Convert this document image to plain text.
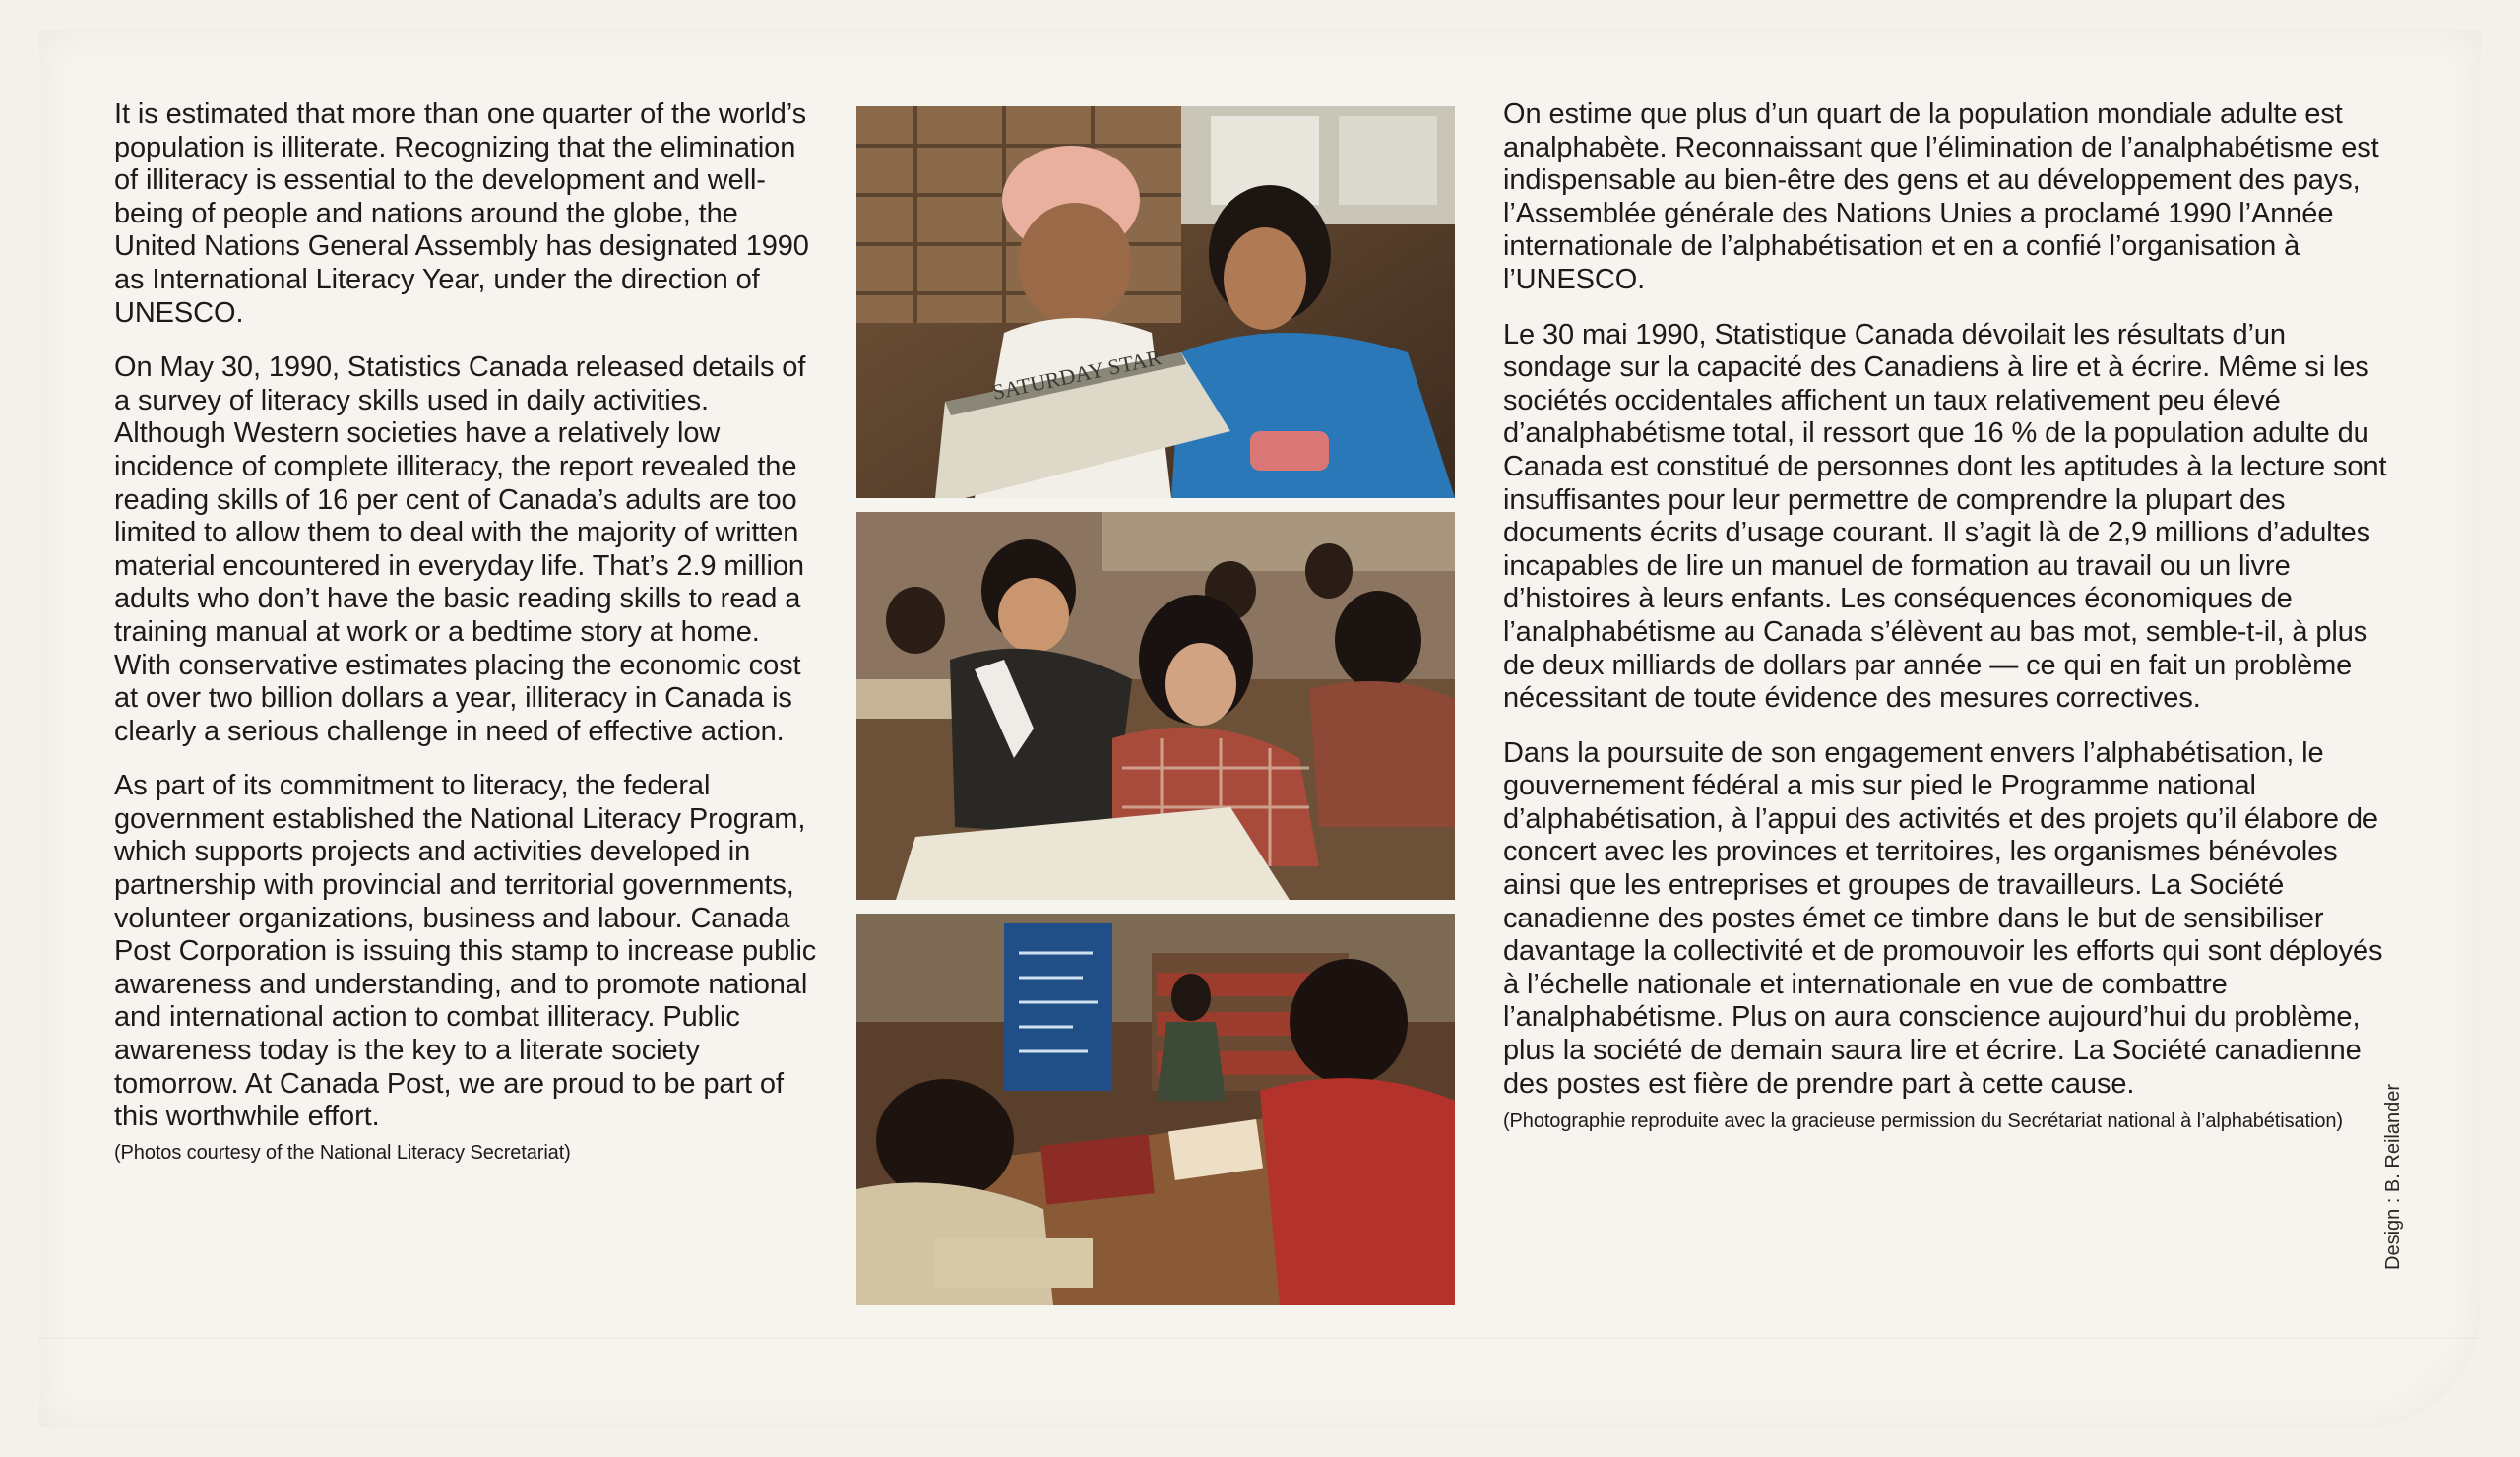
It is estimated that more than one quarter of the world’s population is illiterate. Recognizing that the elimination of illiteracy is essential to the development and well-being of people and nations around the globe, the United Nations General Assembly has designated 1990 as International Literacy Year, under the direction of UNESCO.

On May 30, 1990, Statistics Canada released details of a survey of literacy skills used in daily activities. Although Western societies have a relatively low incidence of complete illiteracy, the report revealed the reading skills of 16 per cent of Canada’s adults are too limited to allow them to deal with the majority of written material encountered in everyday life. That’s 2.9 million adults who don’t have the basic reading skills to read a training manual at work or a bedtime story at home. With conservative estimates placing the economic cost at over two billion dollars a year, illiteracy in Canada is clearly a serious challenge in need of effective action.

As part of its commitment to literacy, the federal government established the National Literacy Program, which supports projects and activities developed in partnership with provincial and territorial governments, volunteer organizations, business and labour. Canada Post Corporation is issuing this stamp to increase public awareness and understanding, and to promote national and international action to combat illiteracy. Public awareness today is the key to a literate society tomorrow. At Canada Post, we are proud to be part of this worthwhile effort.

(Photos courtesy of the National Literacy Secretariat)
SATURDAY STAR

On estime que plus d’un quart de la population mondiale adulte est analphabète. Reconnaissant que l’élimination de l’analphabétisme est indispensable au bien-être des gens et au développement des pays, l’Assemblée générale des Nations Unies a proclamé 1990 l’Année internationale de l’alphabétisation et en a confié l’organisation à l’UNESCO.

Le 30 mai 1990, Statistique Canada dévoilait les résultats d’un sondage sur la capacité des Canadiens à lire et à écrire. Même si les sociétés occidentales affichent un taux relativement peu élevé d’analphabétisme total, il ressort que 16 % de la population adulte du Canada est constitué de personnes dont les aptitudes à la lecture sont insuffisantes pour leur permettre de comprendre la plupart des documents écrits d’usage courant. Il s’agit là de 2,9 millions d’adultes incapables de lire un manuel de formation au travail ou un livre d’histoires à leurs enfants. Les conséquences économiques de l’analphabétisme au Canada s’élèvent au bas mot, semble-t-il, à plus de deux milliards de dollars par année — ce qui en fait un problème nécessitant de toute évidence des mesures correctives.

Dans la poursuite de son engagement envers l’alphabétisation, le gouvernement fédéral a mis sur pied le Programme national d’alphabétisation, à l’appui des activités et des projets qu’il élabore de concert avec les provinces et territoires, les organismes bénévoles ainsi que les entreprises et groupes de travailleurs. La Société canadienne des postes émet ce timbre dans le but de sensibiliser davantage la collectivité et de promouvoir les efforts qui sont déployés à l’échelle nationale et internationale en vue de combattre l’analphabétisme. Plus on aura conscience aujourd’hui du problème, plus la société de demain saura lire et écrire. La Société canadienne des postes est fière de prendre part à cette cause.

(Photographie reproduite avec la gracieuse permission du Secrétariat national à l’alphabétisation)	Design : B. Reilander
